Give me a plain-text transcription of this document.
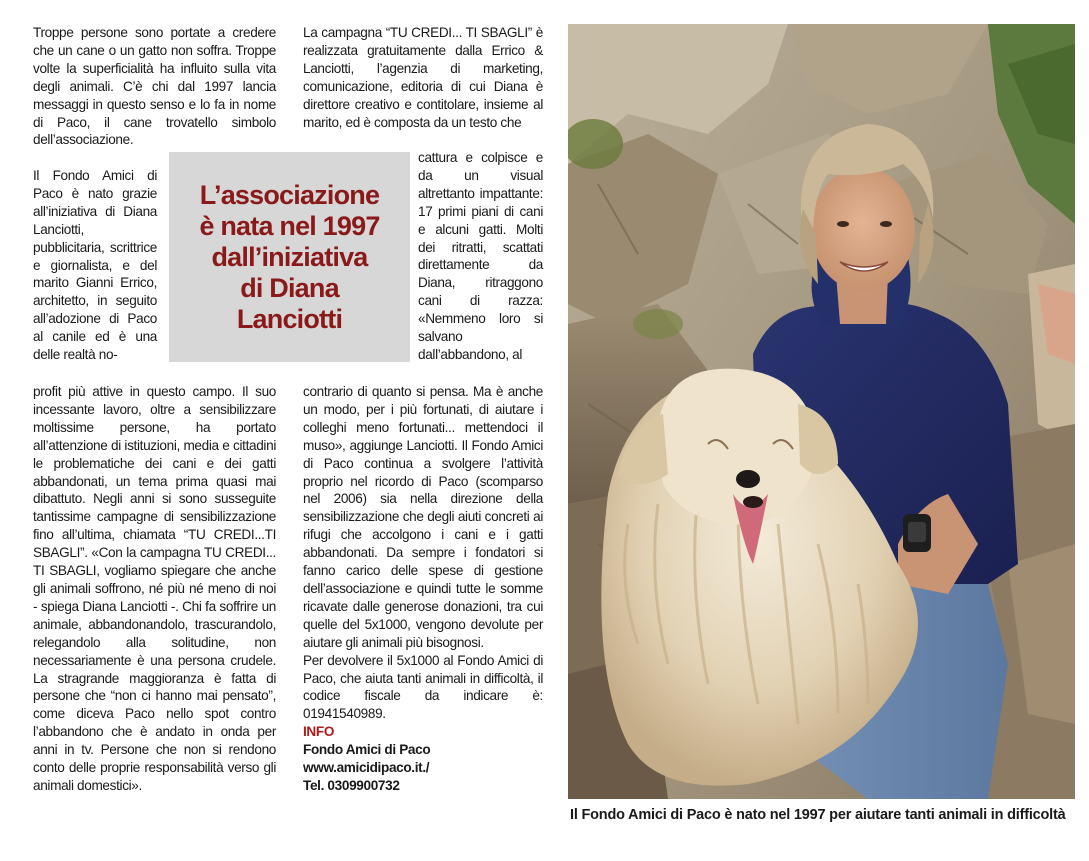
Troppe persone sono portate a credere che un cane o un gatto non soffra. Troppe volte la superficialità ha influito sulla vita degli animali. C’è chi dal 1997 lancia messaggi in questo senso e lo fa in nome di Paco, il cane trovatello simbolo dell’associazione.

Il Fondo Amici di Paco è nato grazie all’iniziativa di Diana Lanciotti, pubblicitaria, scrittrice e giornalista, e del marito Gianni Errico, architetto, in seguito all’adozione di Paco al canile ed è una delle realtà no-

profit più attive in questo campo. Il suo incessante lavoro, oltre a sensibilizzare moltissime persone, ha portato all’attenzione di istituzioni, media e cittadini le problematiche dei cani e dei gatti abbandonati, un tema prima quasi mai dibattuto. Negli anni si sono susseguite tantissime campagne di sensibilizzazione fino all’ultima, chiamata “TU CREDI...TI SBAGLI”. «Con la campagna TU CREDI... TI SBAGLI, vogliamo spiegare che anche gli animali soffrono, né più né meno di noi - spiega Diana Lanciotti -. Chi fa soffrire un animale, abbandonandolo, trascurandolo, relegandolo alla solitudine, non necessariamente è una persona crudele. La stragrande maggioranza è fatta di persone che “non ci hanno mai pensato”, come diceva Paco nello spot contro l’abbandono che è andato in onda per anni in tv. Persone che non si rendono conto delle proprie responsabilità verso gli animali domestici».

L’associazione
è nata nel 1997
dall’iniziativa
di Diana
Lanciotti

La campagna “TU CREDI... TI SBAGLI” è realizzata gratuitamente dalla Errico & Lanciotti, l’agenzia di marketing, comunicazione, editoria di cui Diana è direttore creativo e contitolare, insieme al marito, ed è composta da un testo che

cattura e colpisce e da un visual altrettanto impattante: 17 primi piani di cani e alcuni gatti. Molti dei ritratti, scattati direttamente da Diana, ritraggono cani di razza: «Nemmeno loro si salvano dall’abbandono, al

contrario di quanto si pensa. Ma è anche un modo, per i più fortunati, di aiutare i colleghi meno fortunati... mettendoci il muso», aggiunge Lanciotti. Il Fondo Amici di Paco continua a svolgere l’attività proprio nel ricordo di Paco (scomparso nel 2006) sia nella direzione della sensibilizzazione che degli aiuti concreti ai rifugi che accolgono i cani e i gatti abbandonati. Da sempre i fondatori si fanno carico delle spese di gestione dell’associazione e quindi tutte le somme ricavate dalle generose donazioni, tra cui quelle del 5x1000, vengono devolute per aiutare gli animali più bisognosi.

Per devolvere il 5x1000 al Fondo Amici di Paco, che aiuta tanti animali in difficoltà, il codice fiscale da indicare è: 01941540989.

INFO
Fondo Amici di Paco
www.amicidipaco.it./
Tel. 0309900732
Il Fondo Amici di Paco è nato nel 1997 per aiutare tanti animali in difficoltà
